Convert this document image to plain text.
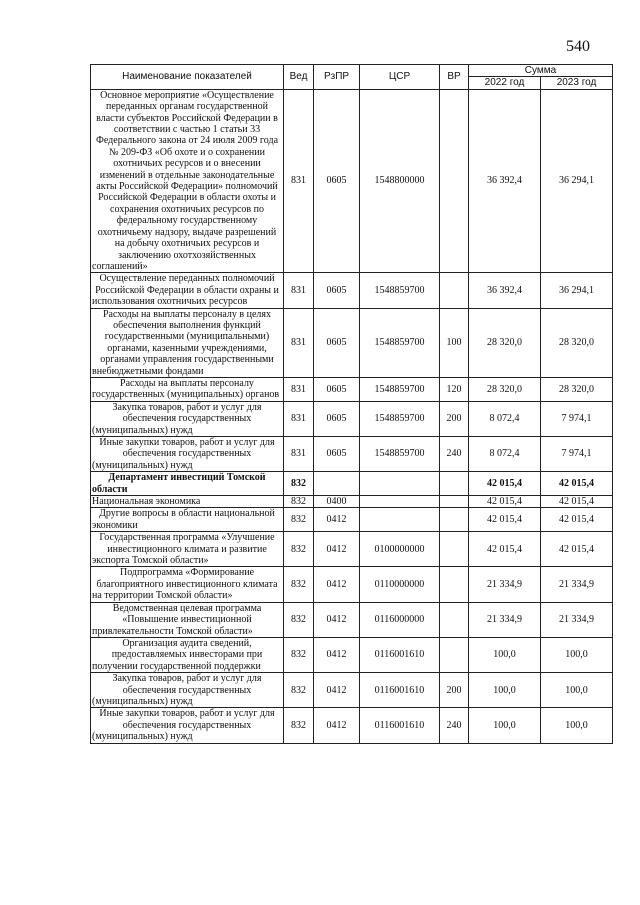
540
Наименование показателей	Вед	РзПР	ЦСР	ВР	Сумма	
					2022 год	2023 год
Основное мероприятие «Осуществление переданных органам государственной власти субъектов Российской Федерации в соответствии с частью 1 статьи 33 Федерального закона от 24 июля 2009 года № 209-ФЗ «Об охоте и о сохранении охотничьих ресурсов и о внесении изменений в отдельные законодательные акты Российской Федерации» полномочий Российской Федерации в области охоты и сохранения охотничьих ресурсов по федеральному государственному охотничьему надзору, выдаче разрешений на добычу охотничьих ресурсов и заключению охотхозяйственных соглашений»	831	0605	1548800000		36 392,4	36 294,1
Осуществление переданных полномочий Российской Федерации в области охраны и использования охотничьих ресурсов	831	0605	1548859700		36 392,4	36 294,1
Расходы на выплаты персоналу в целях обеспечения выполнения функций государственными (муниципальными) органами, казенными учреждениями, органами управления государственными внебюджетными фондами	831	0605	1548859700	100	28 320,0	28 320,0
Расходы на выплаты персоналу государственных (муниципальных) органов	831	0605	1548859700	120	28 320,0	28 320,0
Закупка товаров, работ и услуг для обеспечения государственных (муниципальных) нужд	831	0605	1548859700	200	8 072,4	7 974,1
Иные закупки товаров, работ и услуг для обеспечения государственных (муниципальных) нужд	831	0605	1548859700	240	8 072,4	7 974,1
Департамент инвестиций Томской области	832				42 015,4	42 015,4
Национальная экономика	832	0400			42 015,4	42 015,4
Другие вопросы в области национальной экономики	832	0412			42 015,4	42 015,4
Государственная программа «Улучшение инвестиционного климата и развитие экспорта Томской области»	832	0412	0100000000		42 015,4	42 015,4
Подпрограмма «Формирование благоприятного инвестиционного климата на территории Томской области»	832	0412	0110000000		21 334,9	21 334,9
Ведомственная целевая программа «Повышение инвестиционной привлекательности Томской области»	832	0412	0116000000		21 334,9	21 334,9
Организация аудита сведений, предоставляемых инвесторами при получении государственной поддержки	832	0412	0116001610		100,0	100,0
Закупка товаров, работ и услуг для обеспечения государственных (муниципальных) нужд	832	0412	0116001610	200	100,0	100,0
Иные закупки товаров, работ и услуг для обеспечения государственных (муниципальных) нужд	832	0412	0116001610	240	100,0	100,0
